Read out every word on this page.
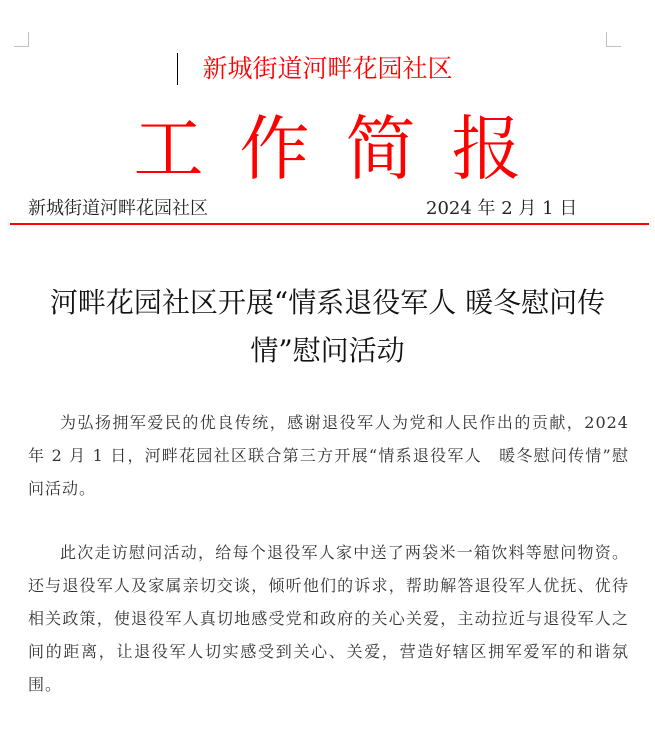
新城街道河畔花园社区
工作简报
新城街道河畔花园社区	2024 年 2 月 1 日
河畔花园社区开展“情系退役军人 暖冬慰问传情”慰问活动

为弘扬拥军爱民的优良传统，感谢退役军人为党和人民作出的贡献，2024 年 2 月 1 日，河畔花园社区联合第三方开展“情系退役军人　暖冬慰问传情”慰问活动。

此次走访慰问活动，给每个退役军人家中送了两袋米一箱饮料等慰问物资。还与退役军人及家属亲切交谈，倾听他们的诉求，帮助解答退役军人优抚、优待相关政策，使退役军人真切地感受党和政府的关心关爱，主动拉近与退役军人之间的距离，让退役军人切实感受到关心、关爱，营造好辖区拥军爱军的和谐氛围。
